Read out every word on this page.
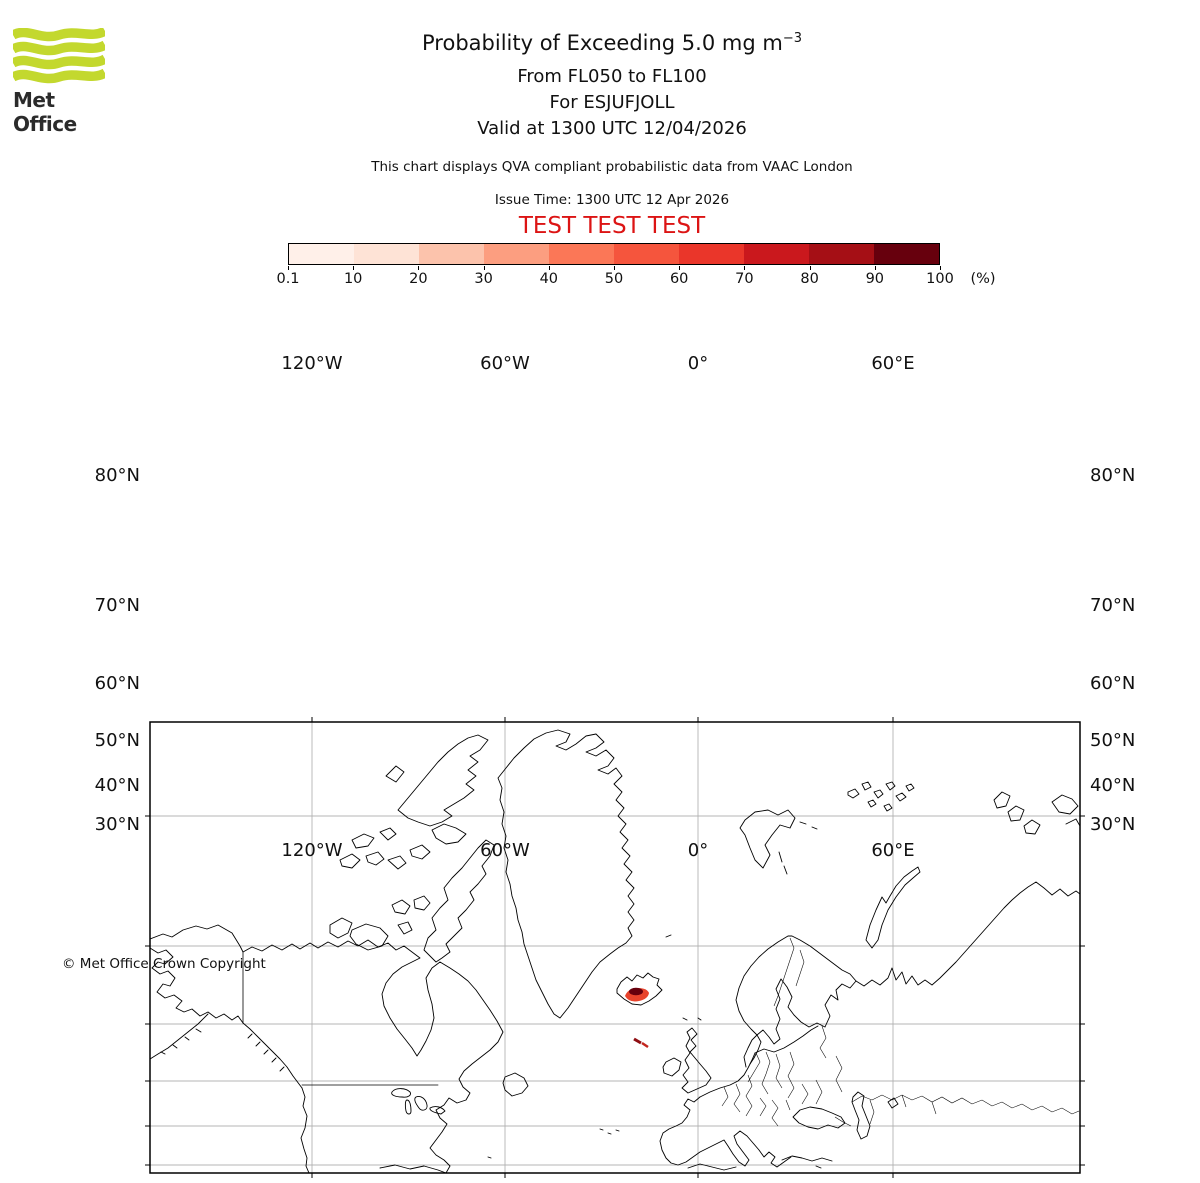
Met Office
Probability of Exceeding 5.0 mg $m^{-3}$
From FL050 to FL100
For ESJUFJOLL
Valid at 1300 UTC 12/04/2026
This chart displays QVA compliant probabilistic data from VAAC London
Issue Time: 1300 UTC 12 Apr 2026
TEST TEST TEST
0.1	10	20	30	40	50	60	70	80	90	100	(%)
120°W	60°W	0°	60°E
120°W	60°W	0°	60°E
80°N
70°N
60°N
50°N
40°N
30°N
80°N
70°N
60°N
50°N
40°N
30°N
© Met Office Crown Copyright
